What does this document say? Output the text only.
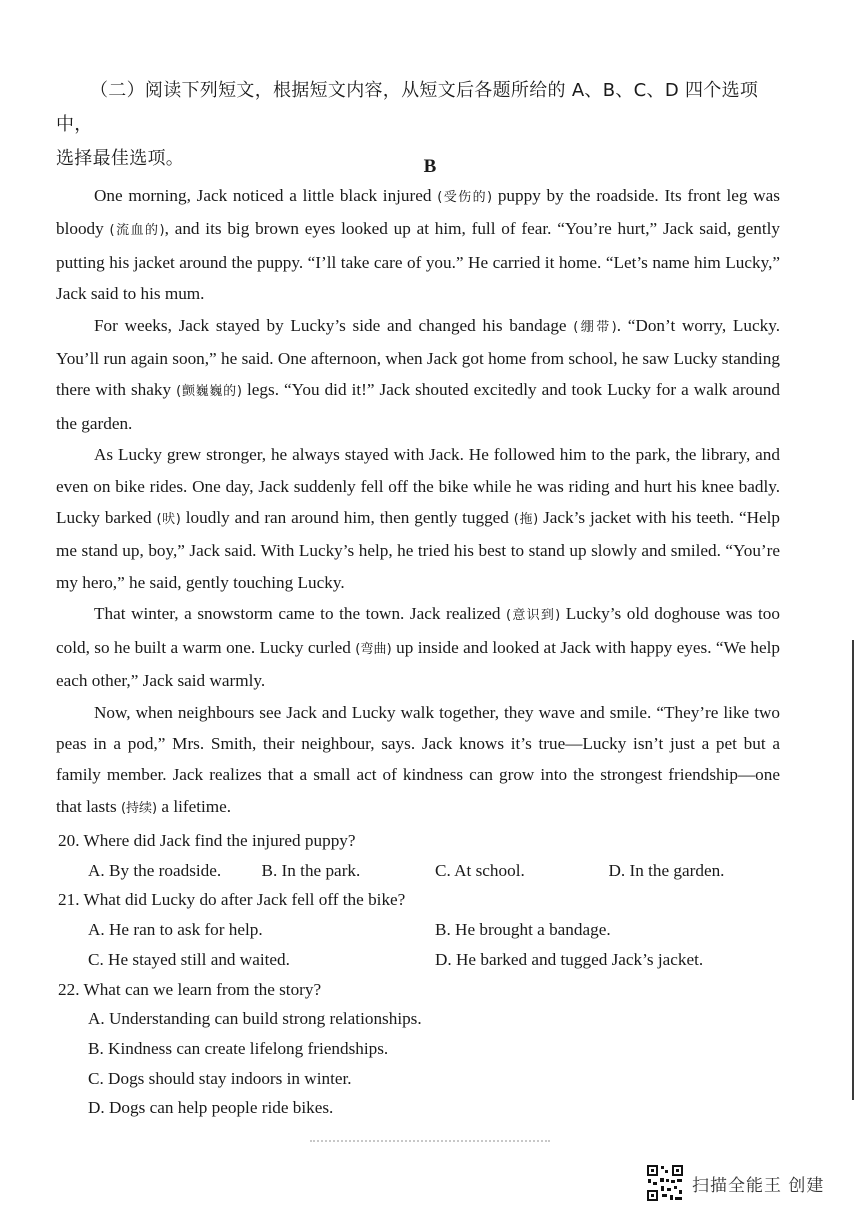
（二）阅读下列短文，根据短文内容，从短文后各题所给的 A、B、C、D 四个选项中，
选择最佳选项。	B

One morning, Jack noticed a little black injured (受伤的) puppy by the roadside. Its front leg was bloody (流血的), and its big brown eyes looked up at him, full of fear. “You’re hurt,” Jack said, gently putting his jacket around the puppy. “I’ll take care of you.” He carried it home. “Let’s name him Lucky,” Jack said to his mum.

For weeks, Jack stayed by Lucky’s side and changed his bandage (绷带). “Don’t worry, Lucky. You’ll run again soon,” he said. One afternoon, when Jack got home from school, he saw Lucky standing there with shaky (颤巍巍的) legs. “You did it!” Jack shouted excitedly and took Lucky for a walk around the garden.

As Lucky grew stronger, he always stayed with Jack. He followed him to the park, the library, and even on bike rides. One day, Jack suddenly fell off the bike while he was riding and hurt his knee badly. Lucky barked (吠) loudly and ran around him, then gently tugged (拖) Jack’s jacket with his teeth. “Help me stand up, boy,” Jack said. With Lucky’s help, he tried his best to stand up slowly and smiled. “You’re my hero,” he said, gently touching Lucky.

That winter, a snowstorm came to the town. Jack realized (意识到) Lucky’s old doghouse was too cold, so he built a warm one. Lucky curled (弯曲) up inside and looked at Jack with happy eyes. “We help each other,” Jack said warmly.

Now, when neighbours see Jack and Lucky walk together, they wave and smile. “They’re like two peas in a pod,” Mrs. Smith, their neighbour, says. Jack knows it’s true—Lucky isn’t just a pet but a family member. Jack realizes that a small act of kindness can grow into the strongest friendship—one that lasts (持续) a lifetime.

20. Where did Jack find the injured puppy?
A. By the roadside.	B. In the park.	C. At school.	D. In the garden.
21. What did Lucky do after Jack fell off the bike?
A. He ran to ask for help.	B. He brought a bandage.
C. He stayed still and waited.	D. He barked and tugged Jack’s jacket.
22. What can we learn from the story?
A. Understanding can build strong relationships.
B. Kindness can create lifelong friendships.
C. Dogs should stay indoors in winter.
D. Dogs can help people ride bikes.
扫描全能王 创建
